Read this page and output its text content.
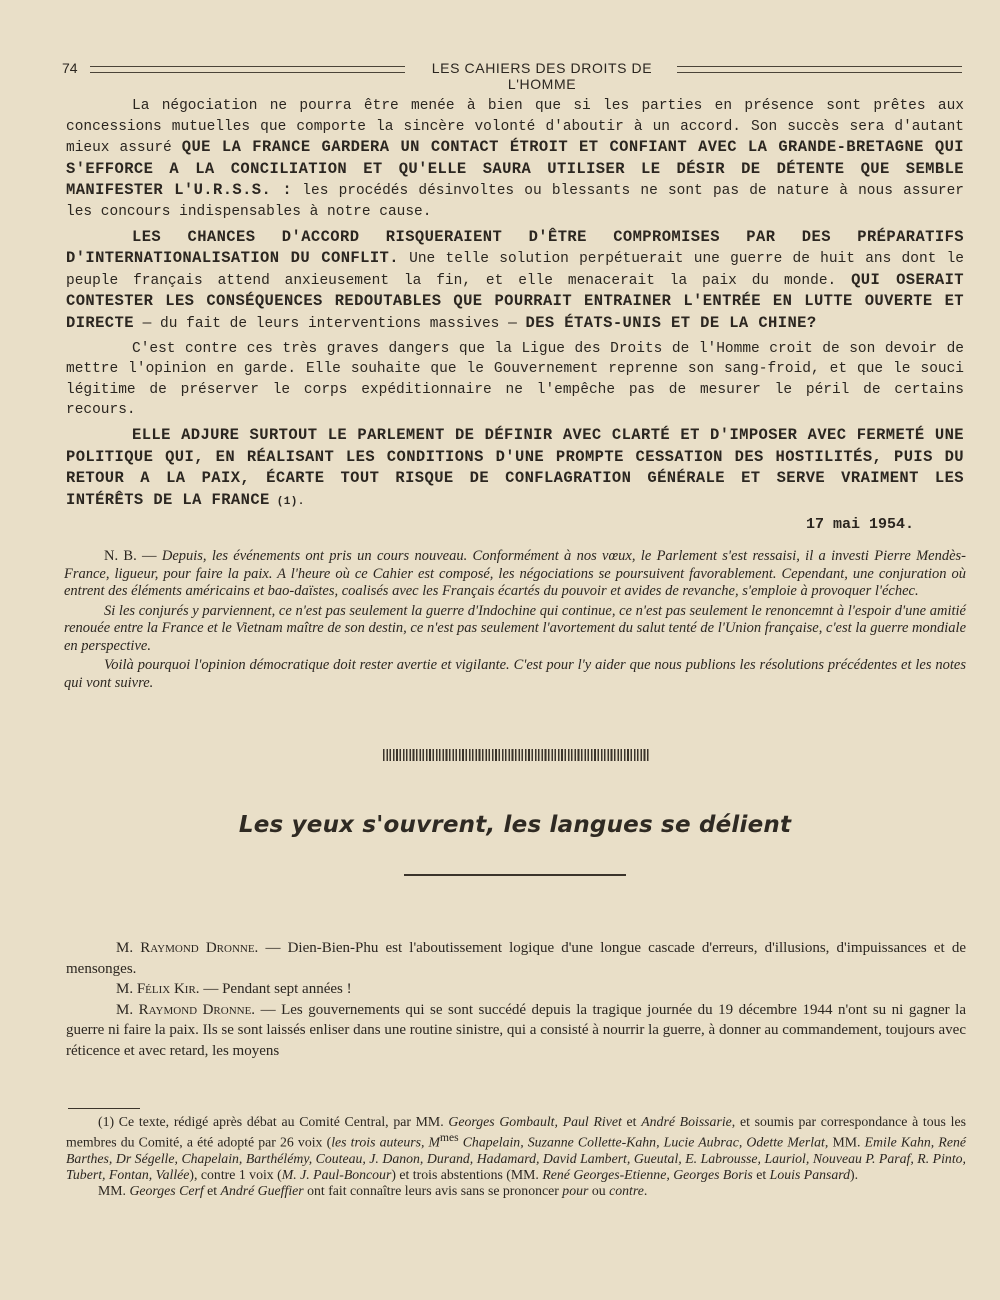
74	LES CAHIERS DES DROITS DE L'HOMME

La négociation ne pourra être menée à bien que si les parties en présence sont prêtes aux concessions mutuelles que comporte la sincère volonté d'aboutir à un accord. Son succès sera d'autant mieux assuré QUE LA FRANCE GARDERA UN CONTACT ÉTROIT ET CONFIANT AVEC LA GRANDE-BRETAGNE QUI S'EFFORCE A LA CONCILIATION ET QU'ELLE SAURA UTILISER LE DÉSIR DE DÉTENTE QUE SEMBLE MANIFESTER L'U.R.S.S. : les procédés désinvoltes ou blessants ne sont pas de nature à nous assurer les concours indispensables à notre cause.

LES CHANCES D'ACCORD RISQUERAIENT D'ÊTRE COMPROMISES PAR DES PRÉPARATIFS D'INTERNATIONALISATION DU CONFLIT. Une telle solution perpétuerait une guerre de huit ans dont le peuple français attend anxieusement la fin, et elle menacerait la paix du monde. QUI OSERAIT CONTESTER LES CONSÉQUENCES REDOUTABLES QUE POURRAIT ENTRAINER L'ENTRÉE EN LUTTE OUVERTE ET DIRECTE — du fait de leurs interventions massives — DES ÉTATS-UNIS ET DE LA CHINE?

C'est contre ces très graves dangers que la Ligue des Droits de l'Homme croit de son devoir de mettre l'opinion en garde. Elle souhaite que le Gouvernement reprenne son sang-froid, et que le souci légitime de préserver le corps expéditionnaire ne l'empêche pas de mesurer le péril de certains recours.

ELLE ADJURE SURTOUT LE PARLEMENT DE DÉFINIR AVEC CLARTÉ ET D'IMPOSER AVEC FERMETÉ UNE POLITIQUE QUI, EN RÉALISANT LES CONDITIONS D'UNE PROMPTE CESSATION DES HOSTILITÉS, PUIS DU RETOUR A LA PAIX, ÉCARTE TOUT RISQUE DE CONFLAGRATION GÉNÉRALE ET SERVE VRAIMENT LES INTÉRÊTS DE LA FRANCE (1).

17 mai 1954.

N. B. — Depuis, les événements ont pris un cours nouveau. Conformément à nos vœux, le Parlement s'est ressaisi, il a investi Pierre Mendès-France, ligueur, pour faire la paix. A l'heure où ce Cahier est composé, les négociations se poursuivent favorablement. Cependant, une conjuration où entrent des éléments américains et bao-daïstes, coalisés avec les Français écartés du pouvoir et avides de revanche, s'emploie à provoquer l'échec.

Si les conjurés y parviennent, ce n'est pas seulement la guerre d'Indochine qui continue, ce n'est pas seulement le renoncemnt à l'espoir d'une amitié renouée entre la France et le Vietnam maître de son destin, ce n'est pas seulement l'avortement du salut tenté de l'Union française, c'est la guerre mondiale en perspective.

Voilà pourquoi l'opinion démocratique doit rester avertie et vigilante. C'est pour l'y aider que nous publions les résolutions précédentes et les notes qui vont suivre.

Les yeux s'ouvrent, les langues se délient

M. Raymond Dronne. — Dien-Bien-Phu est l'aboutissement logique d'une longue cascade d'erreurs, d'illusions, d'impuissances et de mensonges.

M. Félix Kir. — Pendant sept années !

M. Raymond Dronne. — Les gouvernements qui se sont succédé depuis la tragique journée du 19 décembre 1944 n'ont su ni gagner la guerre ni faire la paix. Ils se sont laissés enliser dans une routine sinistre, qui a consisté à nourrir la guerre, à donner au commandement, toujours avec réticence et avec retard, les moyens

(1) Ce texte, rédigé après débat au Comité Central, par MM. Georges Gombault, Paul Rivet et André Boissarie, et soumis par correspondance à tous les membres du Comité, a été adopté par 26 voix (les trois auteurs, $M^{mes}$ Chapelain, Suzanne Collette-Kahn, Lucie Aubrac, Odette Merlat, MM. Emile Kahn, René Barthes, Dr Ségelle, Chapelain, Barthélémy, Couteau, J. Danon, Durand, Hadamard, David Lambert, Gueutal, E. Labrousse, Lauriol, Nouveau P. Paraf, R. Pinto, Tubert, Fontan, Vallée), contre 1 voix (M. J. Paul-Boncour) et trois abstentions (MM. René Georges-Etienne, Georges Boris et Louis Pansard).

MM. Georges Cerf et André Gueffier ont fait connaître leurs avis sans se prononcer pour ou contre.
